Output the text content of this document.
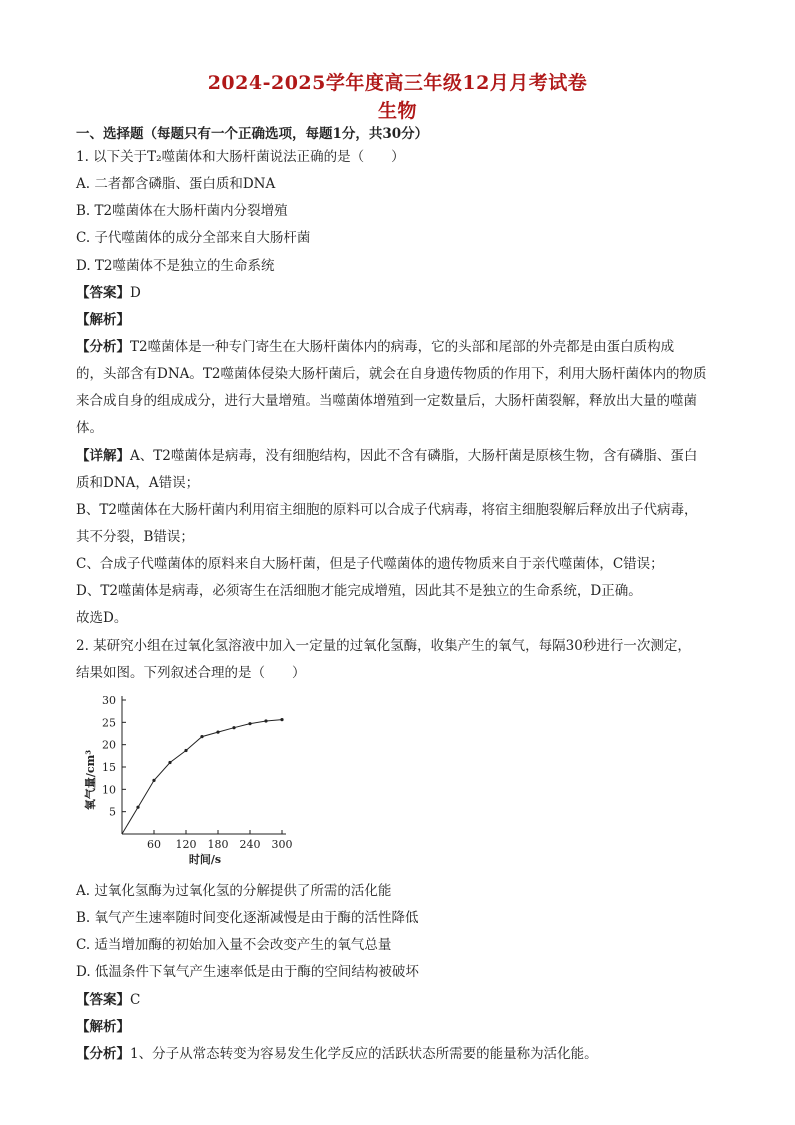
2024-2025学年度高三年级12月月考试卷
生物
一、选择题（每题只有一个正确选项，每题1分，共30分）
1. 以下关于T₂噬菌体和大肠杆菌说法正确的是（　　）
A. 二者都含磷脂、蛋白质和DNA
B. T2噬菌体在大肠杆菌内分裂增殖
C. 子代噬菌体的成分全部来自大肠杆菌
D. T2噬菌体不是独立的生命系统
【答案】D
【解析】
【分析】T2噬菌体是一种专门寄生在大肠杆菌体内的病毒，它的头部和尾部的外壳都是由蛋白质构成
的，头部含有DNA。T2噬菌体侵染大肠杆菌后，就会在自身遗传物质的作用下，利用大肠杆菌体内的物质
来合成自身的组成成分，进行大量增殖。当噬菌体增殖到一定数量后，大肠杆菌裂解，释放出大量的噬菌
体。
【详解】A、T2噬菌体是病毒，没有细胞结构，因此不含有磷脂，大肠杆菌是原核生物，含有磷脂、蛋白
质和DNA，A错误；
B、T2噬菌体在大肠杆菌内利用宿主细胞的原料可以合成子代病毒，将宿主细胞裂解后释放出子代病毒，
其不分裂，B错误；
C、合成子代噬菌体的原料来自大肠杆菌，但是子代噬菌体的遗传物质来自于亲代噬菌体，C错误；
D、T2噬菌体是病毒，必须寄生在活细胞才能完成增殖，因此其不是独立的生命系统，D正确。
故选D。
2. 某研究小组在过氧化氢溶液中加入一定量的过氧化氢酶，收集产生的氧气，每隔30秒进行一次测定，
结果如图。下列叙述合理的是（　　）
60 120 180 240 300
5
10
15
20
25
30
氧气量/cm³
时间/s
A. 过氧化氢酶为过氧化氢的分解提供了所需的活化能
B. 氧气产生速率随时间变化逐渐减慢是由于酶的活性降低
C. 适当增加酶的初始加入量不会改变产生的氧气总量
D. 低温条件下氧气产生速率低是由于酶的空间结构被破坏
【答案】C
【解析】
【分析】1、分子从常态转变为容易发生化学反应的活跃状态所需要的能量称为活化能。
